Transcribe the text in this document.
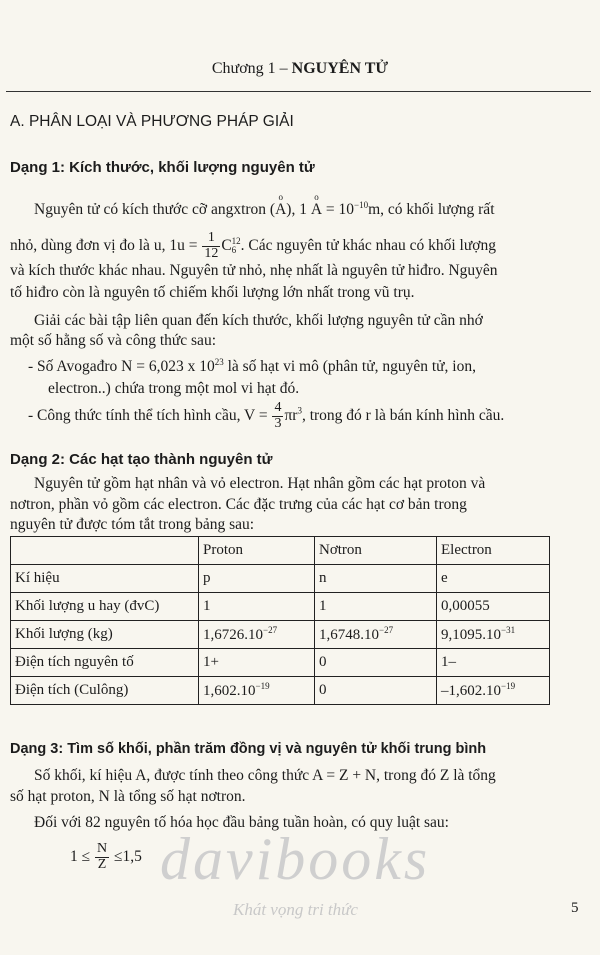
Chương 1 – NGUYÊN TỬ
A. PHÂN LOẠI VÀ PHƯƠNG PHÁP GIẢI
Dạng 1: Kích thước, khối lượng nguyên tử
Nguyên tử có kích thước cỡ angxtron (
o
A), 1
o
$A = 10^{-10}m$, có khối lượng rất
nhỏ, dùng đơn vị đo là u, $1u = \frac{1}{12}$ C 12
6 . Các nguyên tử khác nhau có khối lượng
và kích thước khác nhau. Nguyên tử nhỏ, nhẹ nhất là nguyên tử hiđro. Nguyên
tố hiđro còn là nguyên tố chiếm khối lượng lớn nhất trong vũ trụ.
Giải các bài tập liên quan đến kích thước, khối lượng nguyên tử cần nhớ
một số hằng số và công thức sau:
- Số Avogađro N = 6,023 x $10^{23}$ là số hạt vi mô (phân tử, nguyên tử, ion,
electron..) chứa trong một mol vi hạt đó.
- Công thức tính thể tích hình cầu, $V = \frac{4}{3} \pi r^3$, trong đó r là bán kính hình cầu.
Dạng 2: Các hạt tạo thành nguyên tử
Nguyên tử gồm hạt nhân và vỏ electron. Hạt nhân gồm các hạt proton và
nơtron, phần vỏ gồm các electron. Các đặc trưng của các hạt cơ bản trong
nguyên tử được tóm tắt trong bảng sau:
	Proton	Nơtron	Electron
Kí hiệu	p	n	e
Khối lượng u hay (đvC)	1	1	0,00055
Khối lượng (kg)	$1,6726.10^{-27}$	$1,6748.10^{-27}$	$9,1095.10^{-31}$
Điện tích nguyên tố	1+	0	1–
Điện tích (Culông)	$1,602.10^{-19}$	0	$-1,602.10^{-19}$
Dạng 3: Tìm số khối, phần trăm đồng vị và nguyên tử khối trung bình
Số khối, kí hiệu A, được tính theo công thức A = Z + N, trong đó Z là tổng
số hạt proton, N là tổng số hạt nơtron.
Đối với 82 nguyên tố hóa học đầu bảng tuần hoàn, có quy luật sau:
$1 \le \frac{N}{Z} \le 1,5$ davibooks
Khát vọng tri thức	5
